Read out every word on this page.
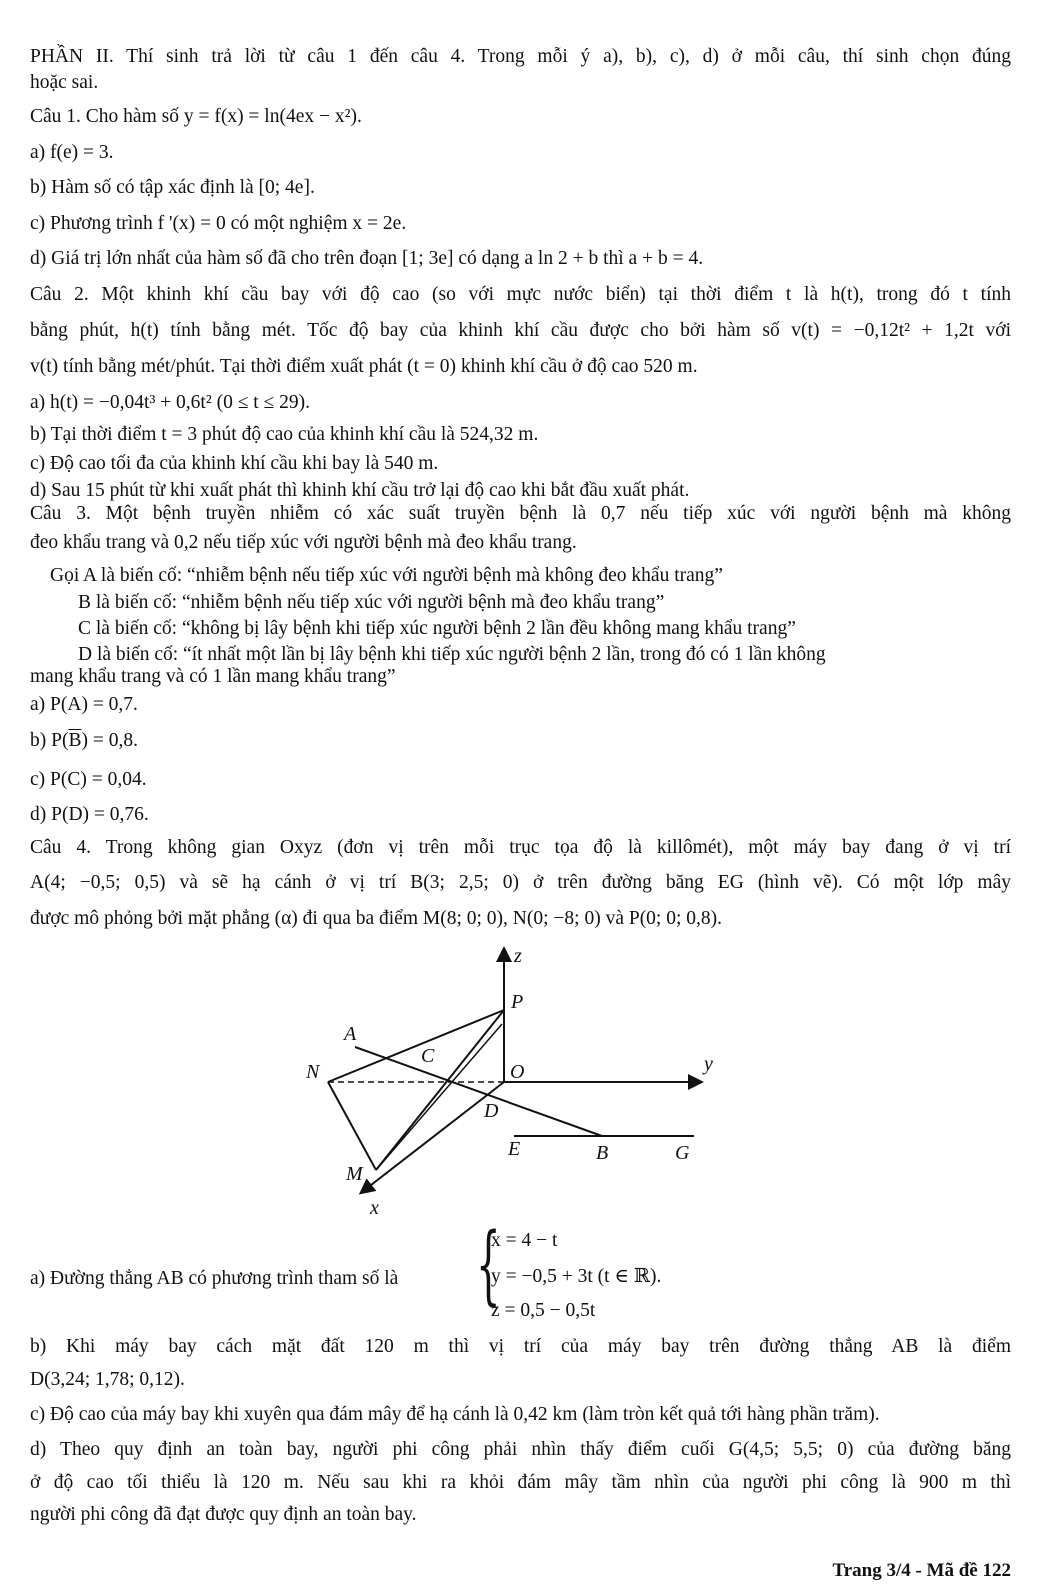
PHẦN II. Thí sinh trả lời từ câu 1 đến câu 4. Trong mỗi ý a), b), c), d) ở mỗi câu, thí sinh chọn đúng
hoặc sai.
Câu 1. Cho hàm số y = f(x) = ln(4ex − x²).
a) f(e) = 3.
b) Hàm số có tập xác định là [0; 4e].
c) Phương trình f '(x) = 0 có một nghiệm x = 2e.
d) Giá trị lớn nhất của hàm số đã cho trên đoạn [1; 3e] có dạng a ln 2 + b thì a + b = 4.
Câu 2. Một khinh khí cầu bay với độ cao (so với mực nước biển) tại thời điểm t là h(t), trong đó t tính
bằng phút, h(t) tính bằng mét. Tốc độ bay của khinh khí cầu được cho bởi hàm số v(t) = −0,12t² + 1,2t với
v(t) tính bằng mét/phút. Tại thời điểm xuất phát (t = 0) khinh khí cầu ở độ cao 520 m.
a) h(t) = −0,04t³ + 0,6t² (0 ≤ t ≤ 29).
b) Tại thời điểm t = 3 phút độ cao của khinh khí cầu là 524,32 m.
c) Độ cao tối đa của khinh khí cầu khi bay là 540 m.
d) Sau 15 phút từ khi xuất phát thì khinh khí cầu trở lại độ cao khi bắt đầu xuất phát.
Câu 3. Một bệnh truyền nhiễm có xác suất truyền bệnh là 0,7 nếu tiếp xúc với người bệnh mà không
đeo khẩu trang và 0,2 nếu tiếp xúc với người bệnh mà đeo khẩu trang.
Gọi A là biến cố: “nhiễm bệnh nếu tiếp xúc với người bệnh mà không đeo khẩu trang”
B là biến cố: “nhiễm bệnh nếu tiếp xúc với người bệnh mà đeo khẩu trang”
C là biến cố: “không bị lây bệnh khi tiếp xúc người bệnh 2 lần đều không mang khẩu trang”
D là biến cố: “ít nhất một lần bị lây bệnh khi tiếp xúc người bệnh 2 lần, trong đó có 1 lần không
mang khẩu trang và có 1 lần mang khẩu trang”
a) P(A) = 0,7.
b) $P(\overline{B}) = 0,8$.
c) P(C) = 0,04.
d) P(D) = 0,76.
Câu 4. Trong không gian Oxyz (đơn vị trên mỗi trục tọa độ là killômét), một máy bay đang ở vị trí
A(4; −0,5; 0,5) và sẽ hạ cánh ở vị trí B(3; 2,5; 0) ở trên đường băng EG (hình vẽ). Có một lớp mây
được mô phỏng bởi mặt phẳng (α) đi qua ba điểm M(8; 0; 0), N(0; −8; 0) và P(0; 0; 0,8).
z
P
A
C
N	O	y
D
E	B	G
M
x
a) Đường thẳng AB có phương trình tham số là {
x = 4 − t
y = −0,5 + 3t (t ∈ ℝ).
z = 0,5 − 0,5t
b) Khi máy bay cách mặt đất 120 m thì vị trí của máy bay trên đường thẳng AB là điểm
D(3,24; 1,78; 0,12).
c) Độ cao của máy bay khi xuyên qua đám mây để hạ cánh là 0,42 km (làm tròn kết quả tới hàng phần trăm).
d) Theo quy định an toàn bay, người phi công phải nhìn thấy điểm cuối G(4,5; 5,5; 0) của đường băng
ở độ cao tối thiểu là 120 m. Nếu sau khi ra khỏi đám mây tầm nhìn của người phi công là 900 m thì
người phi công đã đạt được quy định an toàn bay.
Trang 3/4 - Mã đề 122
